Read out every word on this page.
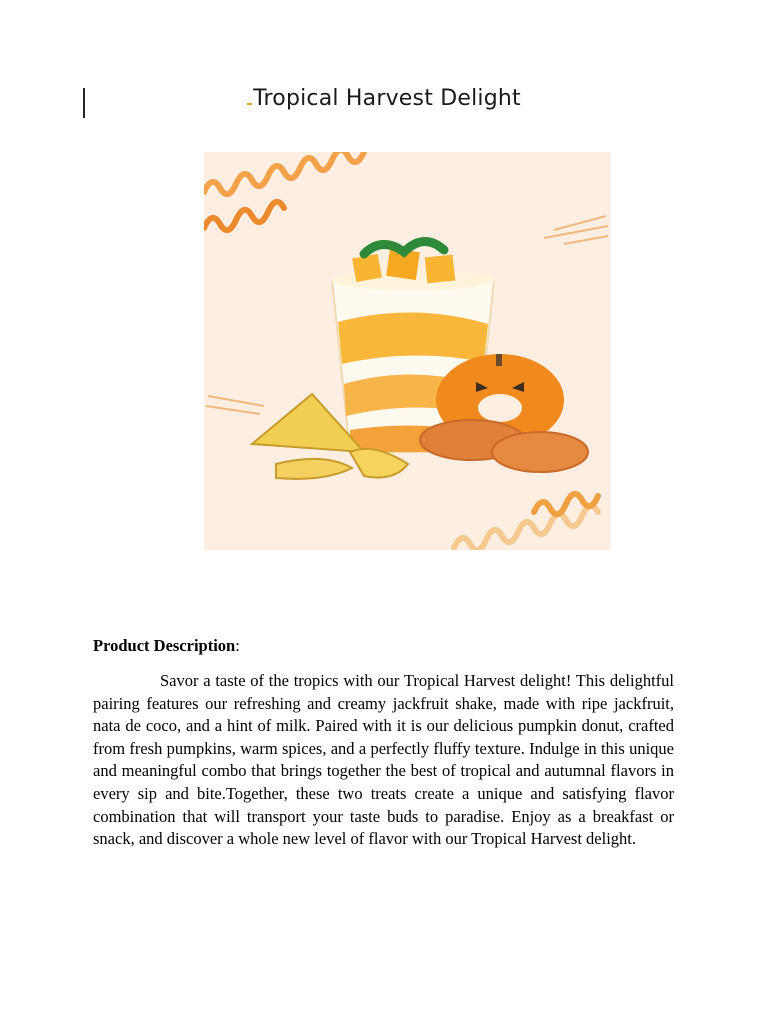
Tropical Harvest Delight
Product Description:

Savor a taste of the tropics with our Tropical Harvest delight! This delightful pairing features our refreshing and creamy jackfruit shake, made with ripe jackfruit, nata de coco, and a hint of milk. Paired with it is our delicious pumpkin donut, crafted from fresh pumpkins, warm spices, and a perfectly fluffy texture. Indulge in this unique and meaningful combo that brings together the best of tropical and autumnal flavors in every sip and bite.Together, these two treats create a unique and satisfying flavor combination that will transport your taste buds to paradise. Enjoy as a breakfast or snack, and discover a whole new level of flavor with our Tropical Harvest delight.
